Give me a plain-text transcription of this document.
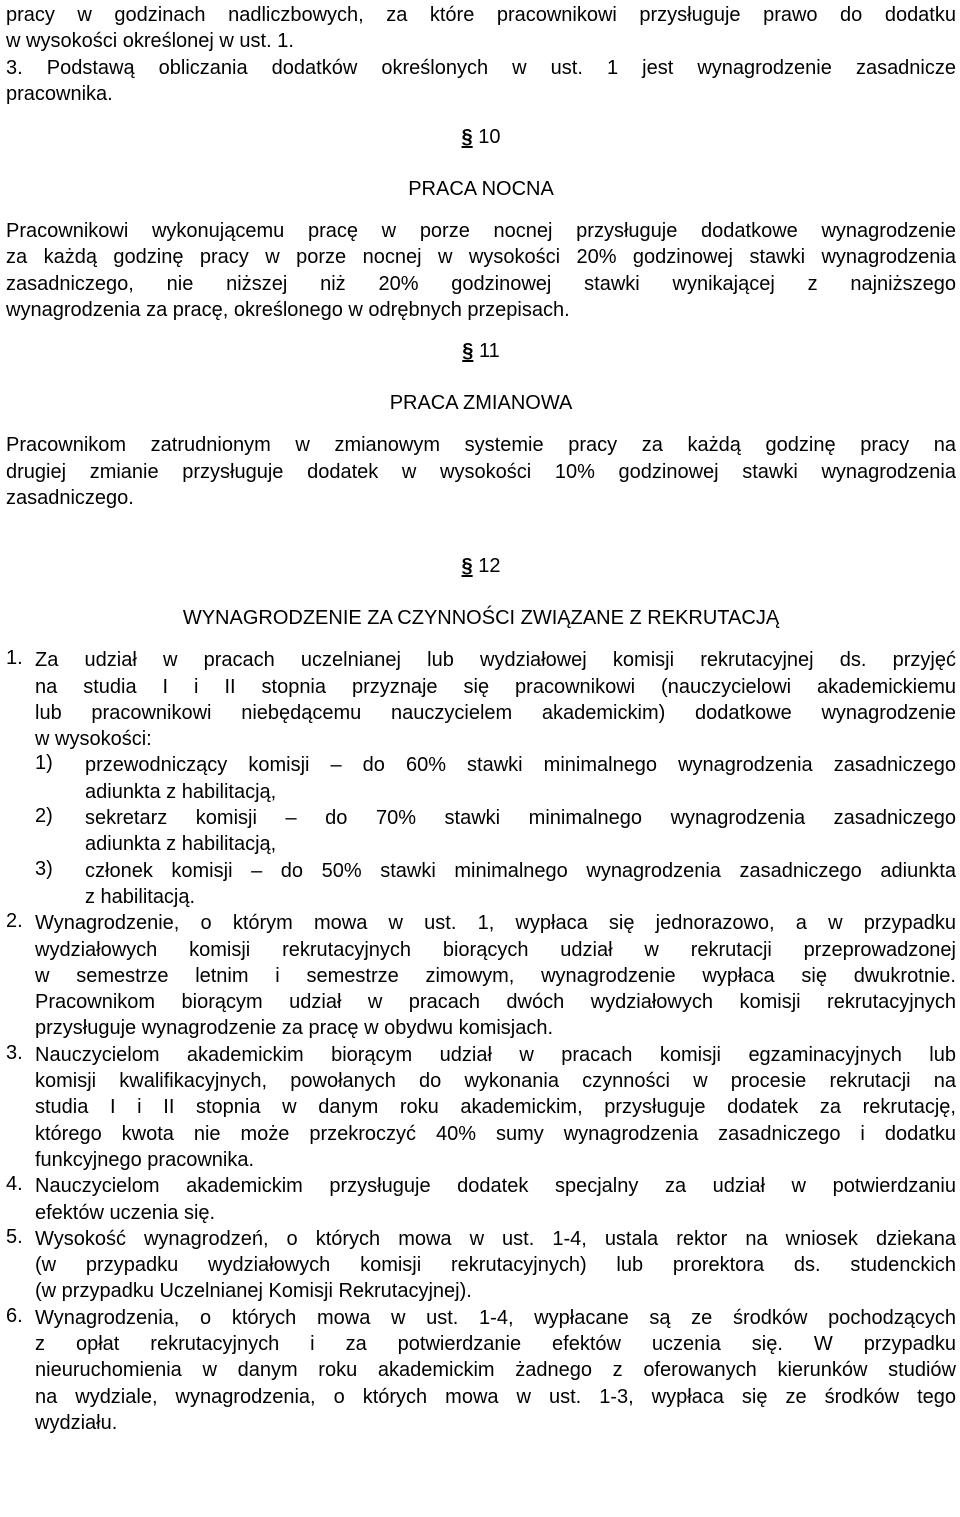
pracy w godzinach nadliczbowych, za które pracownikowi przysługuje prawo do dodatku
w wysokości określonej w ust. 1.
3. Podstawą obliczania dodatków określonych w ust. 1 jest wynagrodzenie zasadnicze
pracownika.
§ 10
PRACA NOCNA
Pracownikowi wykonującemu pracę w porze nocnej przysługuje dodatkowe wynagrodzenie
za każdą godzinę pracy w porze nocnej w wysokości 20% godzinowej stawki wynagrodzenia
zasadniczego, nie niższej niż 20% godzinowej stawki wynikającej z najniższego
wynagrodzenia za pracę, określonego w odrębnych przepisach.
§ 11
PRACA ZMIANOWA
Pracownikom zatrudnionym w zmianowym systemie pracy za każdą godzinę pracy na
drugiej zmianie przysługuje dodatek w wysokości 10% godzinowej stawki wynagrodzenia
zasadniczego.
§ 12
WYNAGRODZENIE ZA CZYNNOŚCI ZWIĄZANE Z REKRUTACJĄ
1. Za udział w pracach uczelnianej lub wydziałowej komisji rekrutacyjnej ds. przyjęć
na studia I i II stopnia przyznaje się pracownikowi (nauczycielowi akademickiemu
lub pracownikowi niebędącemu nauczycielem akademickim) dodatkowe wynagrodzenie
w wysokości:
1)	przewodniczący komisji – do 60% stawki minimalnego wynagrodzenia zasadniczego
adiunkta z habilitacją,
2)	sekretarz komisji – do 70% stawki minimalnego wynagrodzenia zasadniczego
adiunkta z habilitacją,
3)	członek komisji – do 50% stawki minimalnego wynagrodzenia zasadniczego adiunkta
z habilitacją.
2. Wynagrodzenie, o którym mowa w ust. 1, wypłaca się jednorazowo, a w przypadku
wydziałowych komisji rekrutacyjnych biorących udział w rekrutacji przeprowadzonej
w semestrze letnim i semestrze zimowym, wynagrodzenie wypłaca się dwukrotnie.
Pracownikom biorącym udział w pracach dwóch wydziałowych komisji rekrutacyjnych
przysługuje wynagrodzenie za pracę w obydwu komisjach.
3. Nauczycielom akademickim biorącym udział w pracach komisji egzaminacyjnych lub
komisji kwalifikacyjnych, powołanych do wykonania czynności w procesie rekrutacji na
studia I i II stopnia w danym roku akademickim, przysługuje dodatek za rekrutację,
którego kwota nie może przekroczyć 40% sumy wynagrodzenia zasadniczego i dodatku
funkcyjnego pracownika.
4. Nauczycielom akademickim przysługuje dodatek specjalny za udział w potwierdzaniu
efektów uczenia się.
5. Wysokość wynagrodzeń, o których mowa w ust. 1-4, ustala rektor na wniosek dziekana
(w przypadku wydziałowych komisji rekrutacyjnych) lub prorektora ds. studenckich
(w przypadku Uczelnianej Komisji Rekrutacyjnej).
6. Wynagrodzenia, o których mowa w ust. 1-4, wypłacane są ze środków pochodzących
z opłat rekrutacyjnych i za potwierdzanie efektów uczenia się. W przypadku
nieuruchomienia w danym roku akademickim żadnego z oferowanych kierunków studiów
na wydziale, wynagrodzenia, o których mowa w ust. 1-3, wypłaca się ze środków tego
wydziału.
